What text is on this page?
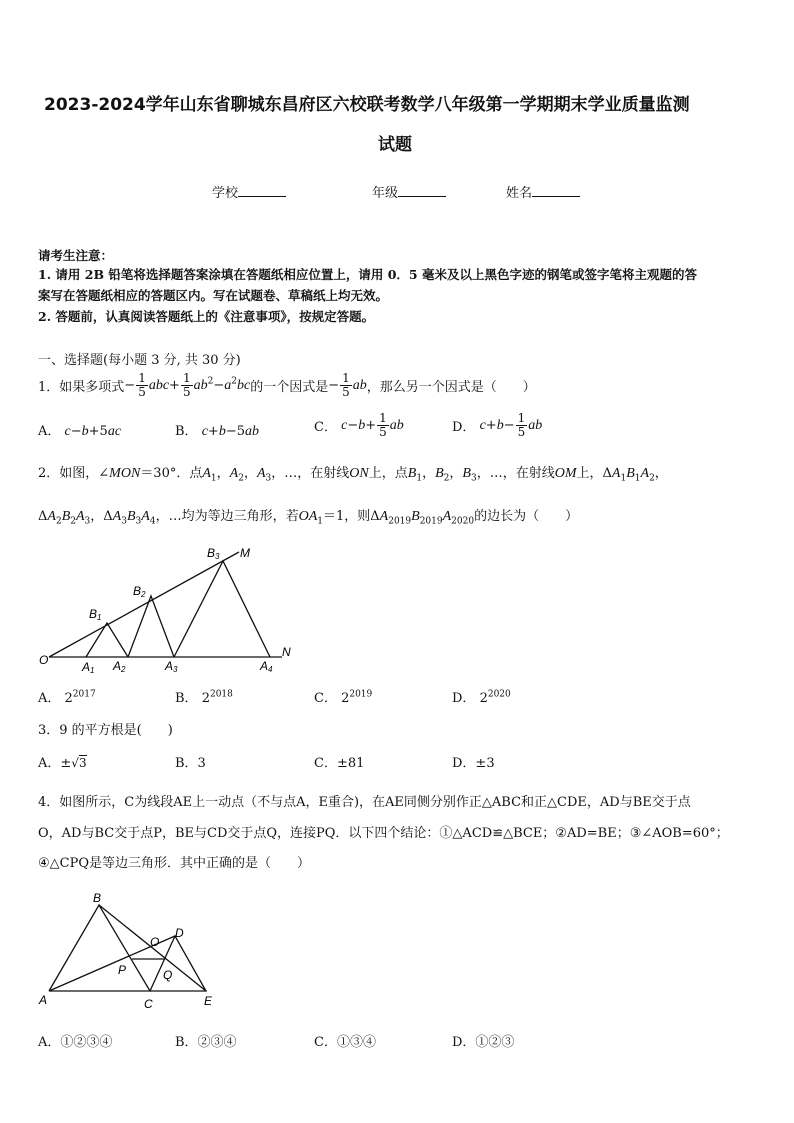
2023-2024学年山东省聊城东昌府区六校联考数学八年级第一学期期末学业质量监测
试题
学校	年级	姓名
请考生注意：
1. 请用 2B 铅笔将选择题答案涂填在答题纸相应位置上，请用 0．5 毫米及以上黑色字迹的钢笔或签字笔将主观题的答
案写在答题纸相应的答题区内。写在试题卷、草稿纸上均无效。
2. 答题前，认真阅读答题纸上的《注意事项》，按规定答题。
一、选择题(每小题 3 分, 共 30 分)
1．如果多项式 − $\frac{1}{5} abc+ \frac{1}{5} ab^2-a^2bc$ 的一个因式是 − $\frac{1}{5}$ ab ，那么另一个因式是（　　）
A． c−b+5ac	B． c+b−5ab	C．
$c - b + \frac{1}{5}$ ab	D．
$c + b - \frac{1}{5}$ ab
2．如图，∠MON＝30°．点$A_1$，$A_2$，$A_3$，…，在射线ON上，点$B_1$，$B_2$，$B_3$，…，在射线OM上，$\Delta A_1B_1A_2$，
$\Delta A_2B_2A_3$，$\Delta A_3B_3A_4$，…均为等边三角形，若$OA_1=1$，则$\Delta A_{2019}B_{2019}A_{2020}$的边长为（　　）
O
N
M
A1 A2	A3	A4
B1
B2
B3
A． $2^{2017}$	B． $2^{2018}$	C． $2^{2019}$	D． $2^{2020}$
3．9 的平方根是(　　)
A．±√3	B．3	C．±81	D．±3
4．如图所示，C为线段AE上一动点（不与点A，E重合)，在AE同侧分别作正△ABC和正△CDE，AD与BE交于点
O，AD与BC交于点P，BE与CD交于点Q，连接PQ．以下四个结论：①△ACD≌△BCE；②AD=BE；③∠AOB=60°；
④△CPQ是等边三角形．其中正确的是（　　）
A
B
C
D
E
O
P	Q
A．①②③④	B．②③④	C．①③④	D．①②③
